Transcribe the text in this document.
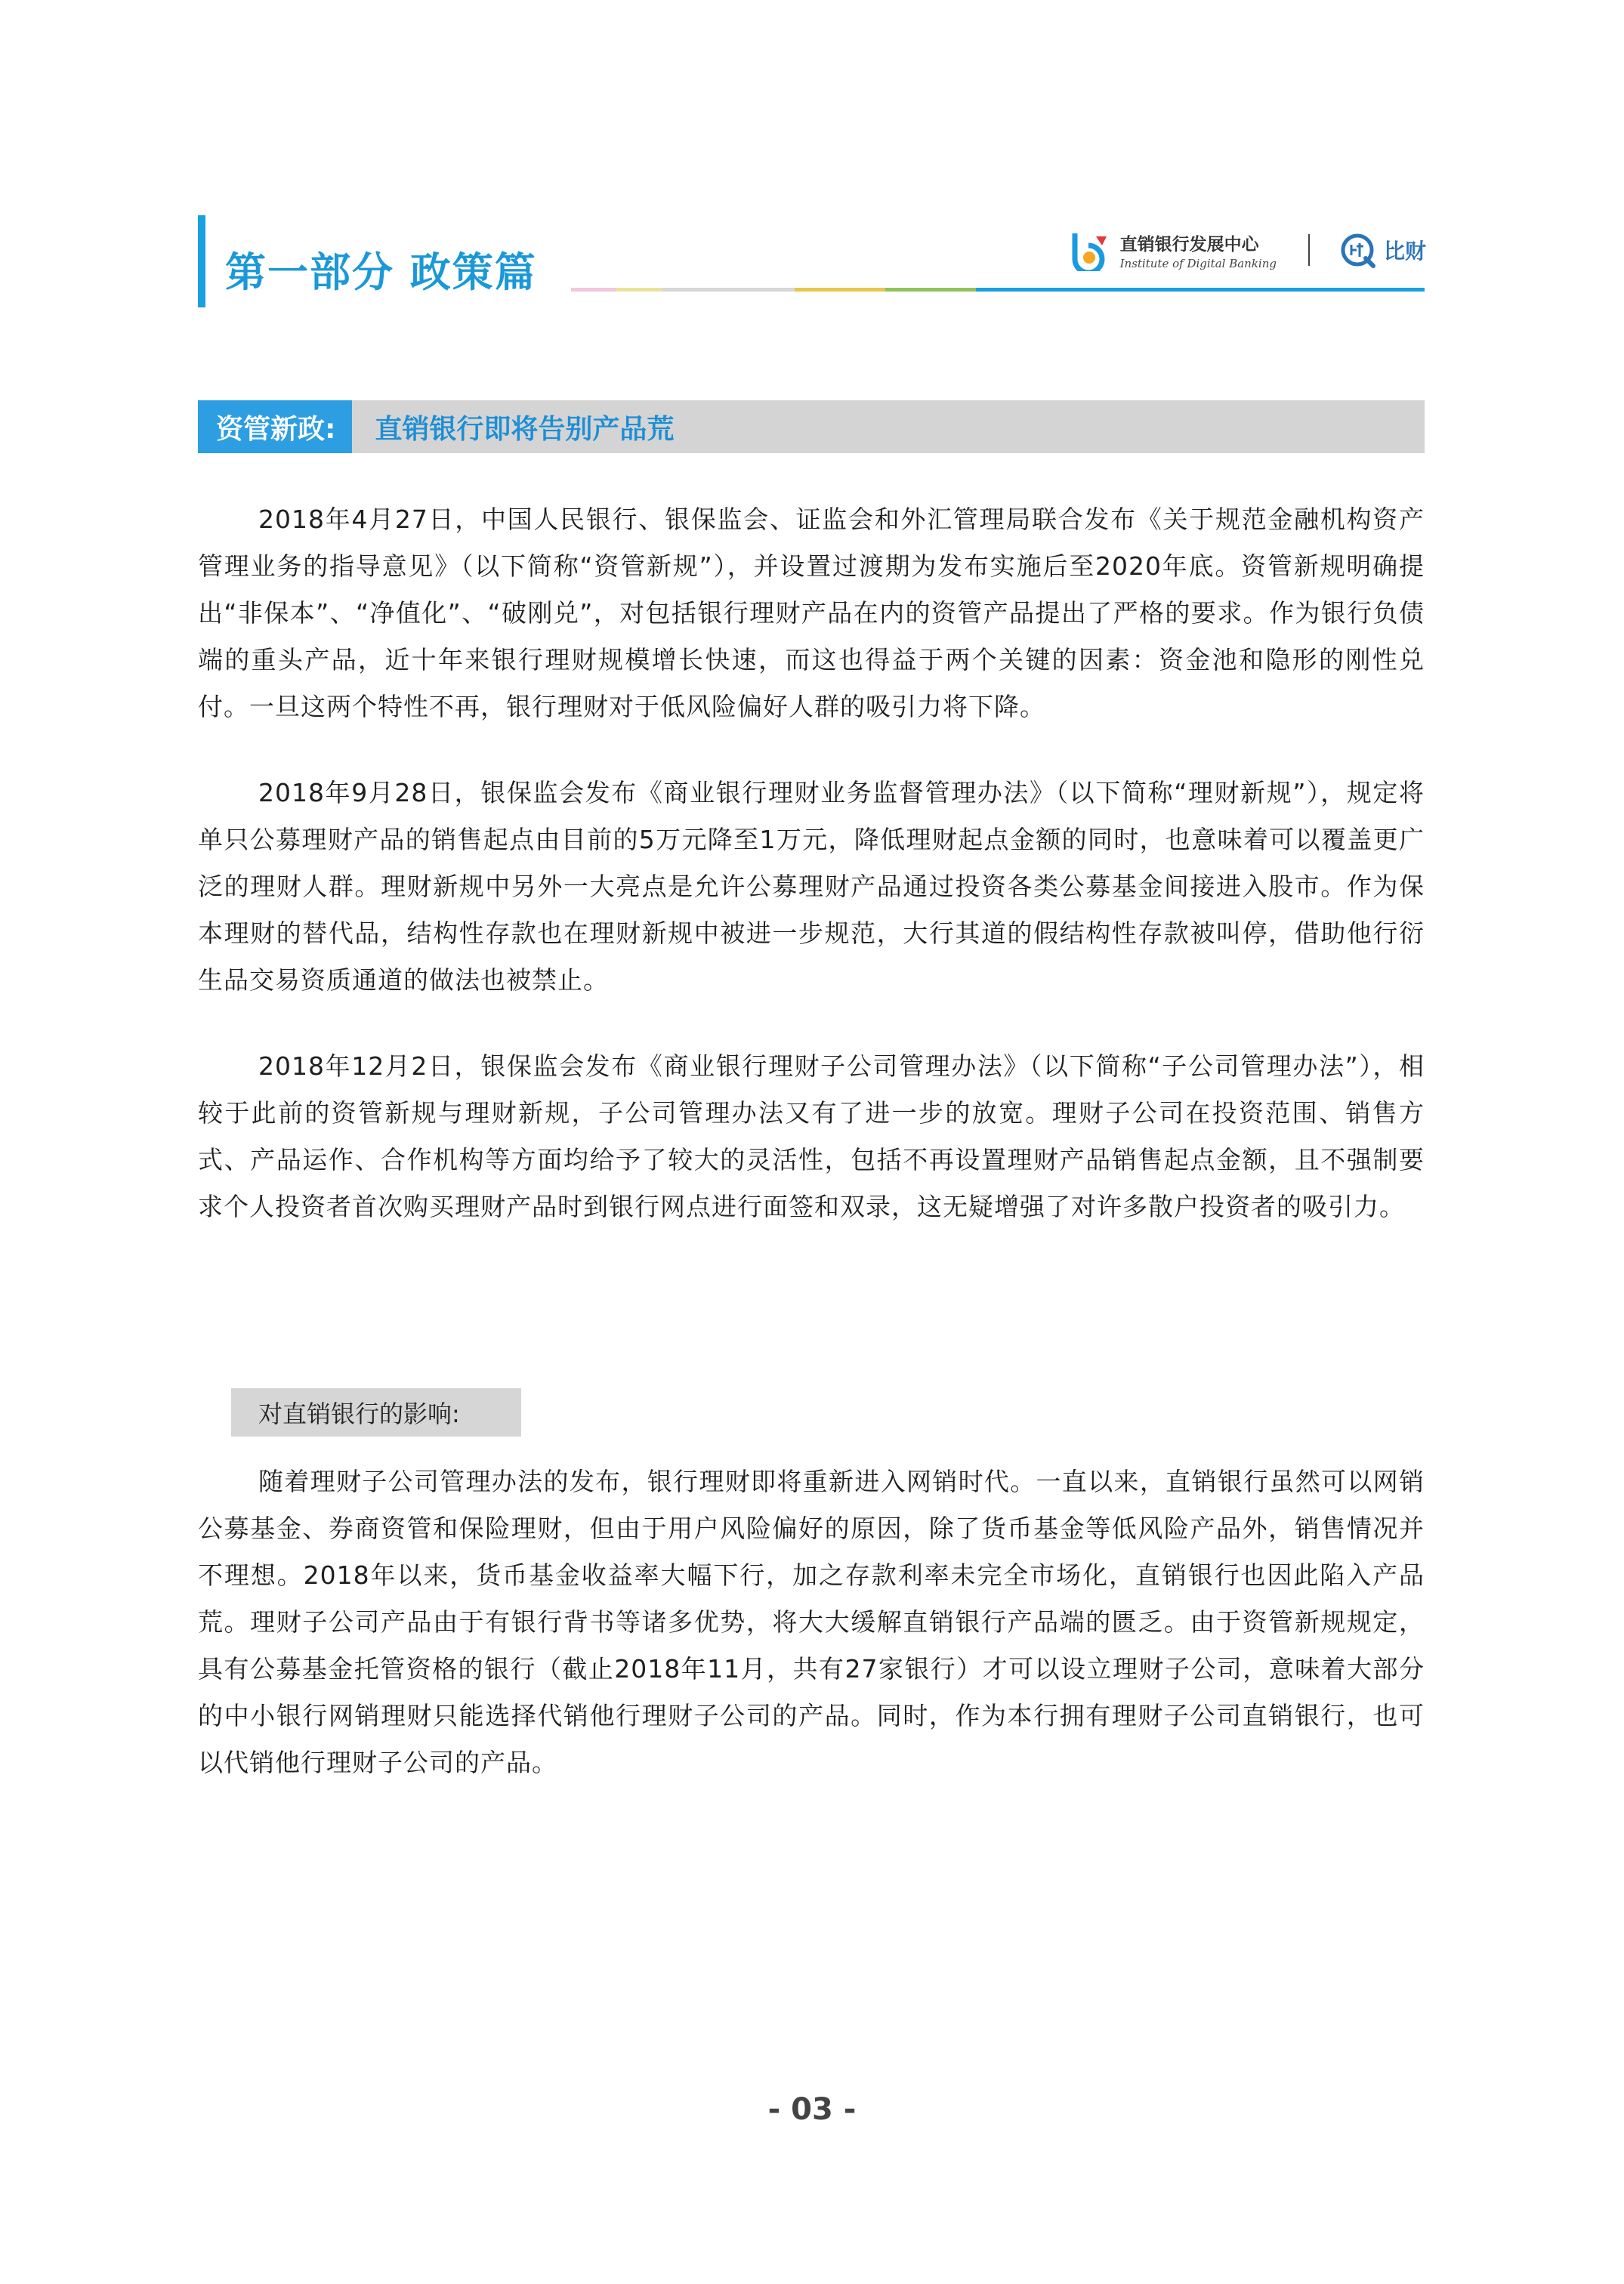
第一部分 政策篇
直销银行发展中心
Institute of Digital Banking	比财
资管新政:	直销银行即将告别产品荒

2018年4月27日，中国人民银行、银保监会、证监会和外汇管理局联合发布《关于规范金融机构资产管理业务的指导意见》（以下简称“资管新规”），并设置过渡期为发布实施后至2020年底。资管新规明确提出“非保本”、“净值化”、“破刚兑”，对包括银行理财产品在内的资管产品提出了严格的要求。作为银行负债端的重头产品，近十年来银行理财规模增长快速，而这也得益于两个关键的因素：资金池和隐形的刚性兑付。一旦这两个特性不再，银行理财对于低风险偏好人群的吸引力将下降。

2018年9月28日，银保监会发布《商业银行理财业务监督管理办法》（以下简称“理财新规”），规定将单只公募理财产品的销售起点由目前的5万元降至1万元，降低理财起点金额的同时，也意味着可以覆盖更广泛的理财人群。理财新规中另外一大亮点是允许公募理财产品通过投资各类公募基金间接进入股市。作为保本理财的替代品，结构性存款也在理财新规中被进一步规范，大行其道的假结构性存款被叫停，借助他行衍生品交易资质通道的做法也被禁止。

2018年12月2日，银保监会发布《商业银行理财子公司管理办法》（以下简称“子公司管理办法”），相较于此前的资管新规与理财新规，子公司管理办法又有了进一步的放宽。理财子公司在投资范围、销售方式、产品运作、合作机构等方面均给予了较大的灵活性，包括不再设置理财产品销售起点金额，且不强制要求个人投资者首次购买理财产品时到银行网点进行面签和双录，这无疑增强了对许多散户投资者的吸引力。

对直销银行的影响:

随着理财子公司管理办法的发布，银行理财即将重新进入网销时代。一直以来，直销银行虽然可以网销公募基金、券商资管和保险理财，但由于用户风险偏好的原因，除了货币基金等低风险产品外，销售情况并不理想。2018年以来，货币基金收益率大幅下行，加之存款利率未完全市场化，直销银行也因此陷入产品荒。理财子公司产品由于有银行背书等诸多优势，将大大缓解直销银行产品端的匮乏。由于资管新规规定，具有公募基金托管资格的银行（截止2018年11月，共有27家银行）才可以设立理财子公司，意味着大部分的中小银行网销理财只能选择代销他行理财子公司的产品。同时，作为本行拥有理财子公司直销银行，也可以代销他行理财子公司的产品。

- 03 -
